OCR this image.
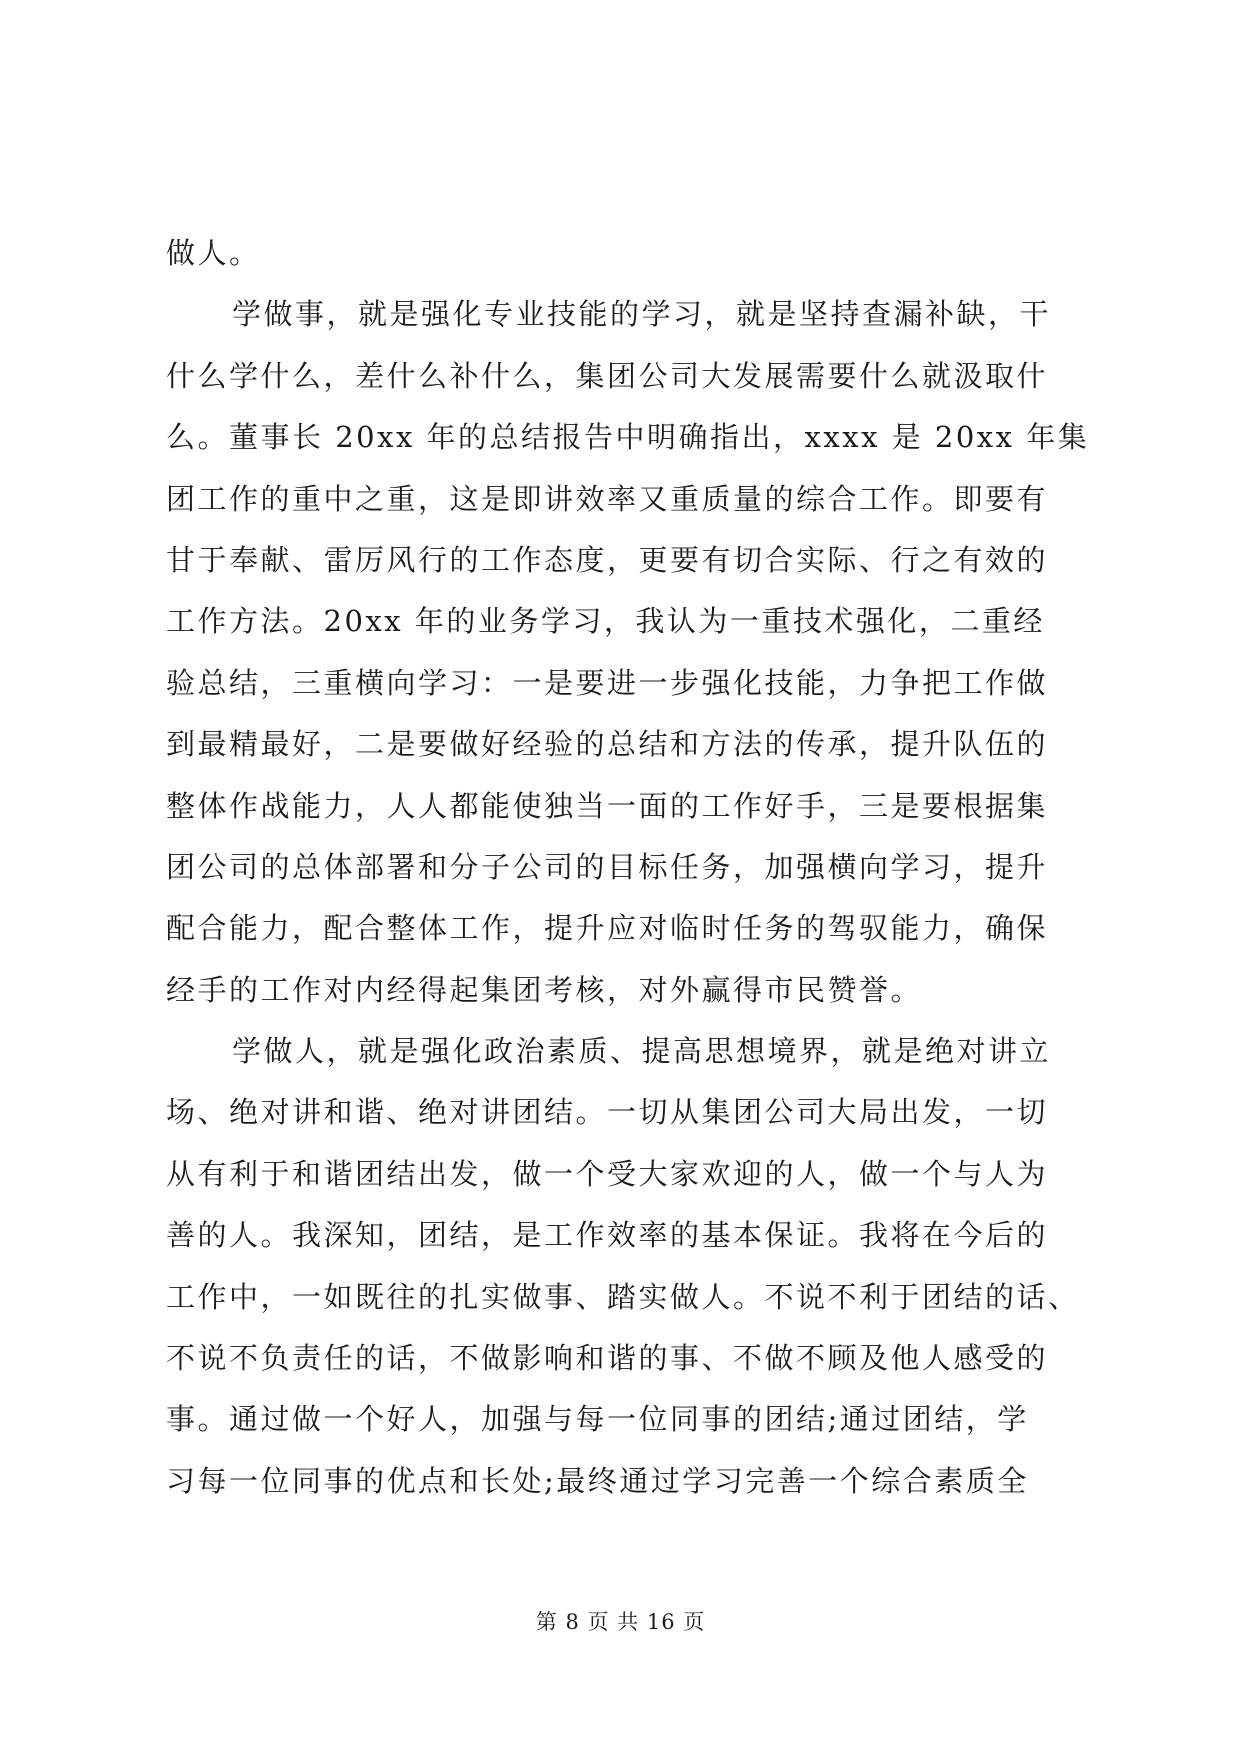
做人。
学做事，就是强化专业技能的学习，就是坚持查漏补缺，干
什么学什么，差什么补什么，集团公司大发展需要什么就汲取什
么。董事长 20xx 年的总结报告中明确指出，xxxx 是 20xx 年集
团工作的重中之重，这是即讲效率又重质量的综合工作。即要有
甘于奉献、雷厉风行的工作态度，更要有切合实际、行之有效的
工作方法。20xx 年的业务学习，我认为一重技术强化，二重经
验总结，三重横向学习：一是要进一步强化技能，力争把工作做
到最精最好，二是要做好经验的总结和方法的传承，提升队伍的
整体作战能力，人人都能使独当一面的工作好手，三是要根据集
团公司的总体部署和分子公司的目标任务，加强横向学习，提升
配合能力，配合整体工作，提升应对临时任务的驾驭能力，确保
经手的工作对内经得起集团考核，对外赢得市民赞誉。
学做人，就是强化政治素质、提高思想境界，就是绝对讲立
场、绝对讲和谐、绝对讲团结。一切从集团公司大局出发，一切
从有利于和谐团结出发，做一个受大家欢迎的人，做一个与人为
善的人。我深知，团结，是工作效率的基本保证。我将在今后的
工作中，一如既往的扎实做事、踏实做人。不说不利于团结的话、
不说不负责任的话，不做影响和谐的事、不做不顾及他人感受的
事。通过做一个好人，加强与每一位同事的团结;通过团结，学
习每一位同事的优点和长处;最终通过学习完善一个综合素质全
第 8 页 共 16 页
